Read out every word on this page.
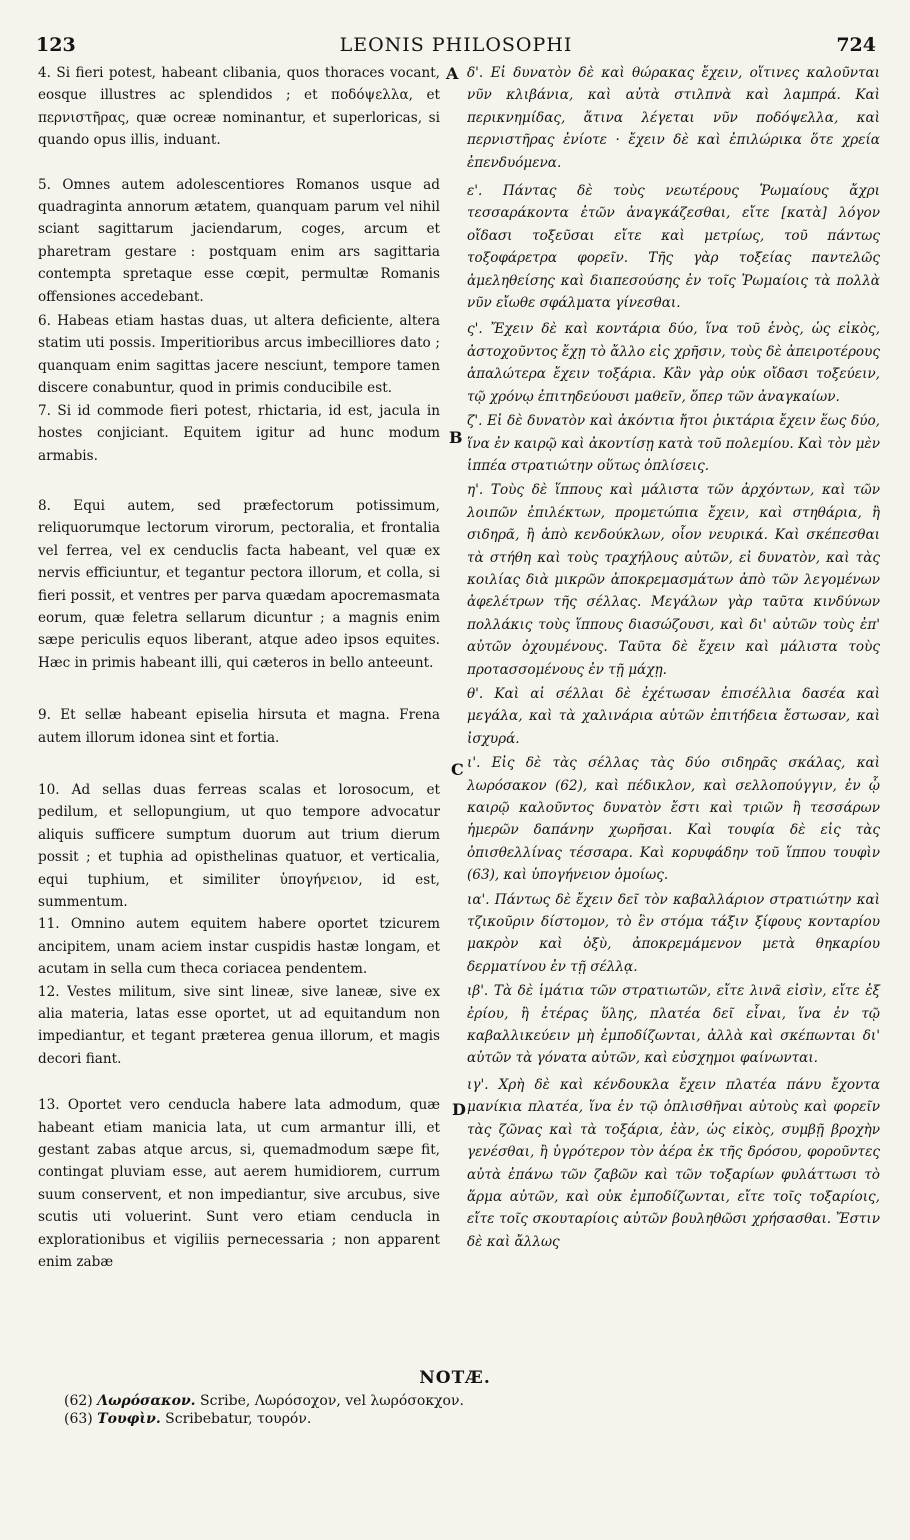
123	LEONIS PHILOSOPHI	724

4. Si fieri potest, habeant clibania, quos thoraces vocant, eosque illustres ac splendidos ; et ποδόψελλα, et περνιστῆρας, quæ ocreæ nominantur, et superloricas, si quando opus illis, induant.

5. Omnes autem adolescentiores Romanos usque ad quadraginta annorum ætatem, quanquam parum vel nihil sciant sagittarum jaciendarum, coges, arcum et pharetram gestare : postquam enim ars sagittaria contempta spretaque esse cœpit, permultæ Romanis offensiones accedebant.

6. Habeas etiam hastas duas, ut altera deficiente, altera statim uti possis. Imperitioribus arcus imbecilliores dato ; quanquam enim sagittas jacere nesciunt, tempore tamen discere conabuntur, quod in primis conducibile est.

7. Si id commode fieri potest, rhictaria, id est, jacula in hostes conjiciant. Equitem igitur ad hunc modum armabis.

8. Equi autem, sed præfectorum potissimum, reliquorumque lectorum virorum, pectoralia, et frontalia vel ferrea, vel ex cenduclis facta habeant, vel quæ ex nervis efficiuntur, et tegantur pectora illorum, et colla, si fieri possit, et ventres per parva quædam apocremasmata eorum, quæ feletra sellarum dicuntur ; a magnis enim sæpe periculis equos liberant, atque adeo ipsos equites. Hæc in primis habeant illi, qui cæteros in bello anteeunt.

9. Et sellæ habeant episelia hirsuta et magna. Frena autem illorum idonea sint et fortia.

10. Ad sellas duas ferreas scalas et lorosocum, et pedilum, et sellopungium, ut quo tempore advocatur aliquis sufficere sumptum duorum aut trium dierum possit ; et tuphia ad opisthelinas quatuor, et verticalia, equi tuphium, et similiter ὑπογήνειον, id est, summentum.

11. Omnino autem equitem habere oportet tzicurem ancipitem, unam aciem instar cuspidis hastæ longam, et acutam in sella cum theca coriacea pendentem.

12. Vestes militum, sive sint lineæ, sive laneæ, sive ex alia materia, latas esse oportet, ut ad equitandum non impediantur, et tegant præterea genua illorum, et magis decori fiant.

13. Oportet vero cenducla habere lata admodum, quæ habeant etiam manicia lata, ut cum armantur illi, et gestant zabas atque arcus, si, quemadmodum sæpe fit, contingat pluviam esse, aut aerem humidiorem, currum suum conservent, et non impediantur, sive arcubus, sive scutis uti voluerint. Sunt vero etiam cenducla in explorationibus et vigiliis pernecessaria ; non apparent enim zabæ

δ'. Εἰ δυνατὸν δὲ καὶ θώρακας ἔχειν, οἵτινες καλοῦνται νῦν κλιβάνια, καὶ αὐτὰ στιλπνὰ καὶ λαμπρά. Καὶ περικνημίδας, ἅτινα λέγεται νῦν ποδόψελλα, καὶ περνιστῆρας ἐνίοτε · ἔχειν δὲ καὶ ἐπιλώρικα ὅτε χρεία ἐπενδυόμενα.

ε'. Πάντας δὲ τοὺς νεωτέρους Ῥωμαίους ἄχρι τεσσαράκοντα ἐτῶν ἀναγκάζεσθαι, εἴτε [κατὰ] λόγον οἴδασι τοξεῦσαι εἴτε καὶ μετρίως, τοῦ πάντως τοξοφάρετρα φορεῖν. Τῆς γὰρ τοξείας παντελῶς ἀμεληθείσης καὶ διαπεσούσης ἐν τοῖς Ῥωμαίοις τὰ πολλὰ νῦν εἴωθε σφάλματα γίνεσθαι.

ς'. Ἔχειν δὲ καὶ κοντάρια δύο, ἵνα τοῦ ἑνὸς, ὡς εἰκὸς, ἀστοχοῦντος ἔχῃ τὸ ἄλλο εἰς χρῆσιν, τοὺς δὲ ἀπειροτέρους ἁπαλώτερα ἔχειν τοξάρια. Κἂν γὰρ οὐκ οἴδασι τοξεύειν, τῷ χρόνῳ ἐπιτηδεύουσι μαθεῖν, ὅπερ τῶν ἀναγκαίων.

ζ'. Εἰ δὲ δυνατὸν καὶ ἀκόντια ἤτοι ῥικτάρια ἔχειν ἕως δύο, ἵνα ἐν καιρῷ καὶ ἀκοντίσῃ κατὰ τοῦ πολεμίου. Καὶ τὸν μὲν ἱππέα στρατιώτην οὕτως ὁπλίσεις.

η'. Τοὺς δὲ ἵππους καὶ μάλιστα τῶν ἀρχόντων, καὶ τῶν λοιπῶν ἐπιλέκτων, προμετώπια ἔχειν, καὶ στηθάρια, ἢ σιδηρᾶ, ἢ ἀπὸ κενδούκλων, οἷον νευρικά. Καὶ σκέπεσθαι τὰ στήθη καὶ τοὺς τραχήλους αὐτῶν, εἰ δυνατὸν, καὶ τὰς κοιλίας διὰ μικρῶν ἀποκρεμασμάτων ἀπὸ τῶν λεγομένων ἀφελέτρων τῆς σέλλας. Μεγάλων γὰρ ταῦτα κινδύνων πολλάκις τοὺς ἵππους διασώζουσι, καὶ δι' αὐτῶν τοὺς ἐπ' αὐτῶν ὀχουμένους. Ταῦτα δὲ ἔχειν καὶ μάλιστα τοὺς προτασσομένους ἐν τῇ μάχῃ.

θ'. Καὶ αἱ σέλλαι δὲ ἐχέτωσαν ἐπισέλλια δασέα καὶ μεγάλα, καὶ τὰ χαλινάρια αὐτῶν ἐπιτήδεια ἔστωσαν, καὶ ἰσχυρά.

ι'. Εἰς δὲ τὰς σέλλας τὰς δύο σιδηρᾶς σκάλας, καὶ λωρόσακον (62), καὶ πέδικλον, καὶ σελλοπούγγιν, ἐν ᾧ καιρῷ καλοῦντος δυνατὸν ἔστι καὶ τριῶν ἢ τεσσάρων ἡμερῶν δαπάνην χωρῆσαι. Καὶ τουφία δὲ εἰς τὰς ὀπισθελλίνας τέσσαρα. Καὶ κορυφάδην τοῦ ἵππου τουφὶν (63), καὶ ὑπογήνειον ὁμοίως.

ια'. Πάντως δὲ ἔχειν δεῖ τὸν καβαλλάριον στρατιώτην καὶ τζικοῦριν δίστομον, τὸ ἓν στόμα τάξιν ξίφους κονταρίου μακρὸν καὶ ὀξὺ, ἀποκρεμάμενον μετὰ θηκαρίου δερματίνου ἐν τῇ σέλλᾳ.

ιβ'. Τὰ δὲ ἱμάτια τῶν στρατιωτῶν, εἴτε λινᾶ εἰσὶν, εἴτε ἐξ ἐρίου, ἢ ἑτέρας ὕλης, πλατέα δεῖ εἶναι, ἵνα ἐν τῷ καβαλλικεύειν μὴ ἐμποδίζωνται, ἀλλὰ καὶ σκέπωνται δι' αὐτῶν τὰ γόνατα αὐτῶν, καὶ εὐσχημοι φαίνωνται.

ιγ'. Χρὴ δὲ καὶ κένδουκλα ἔχειν πλατέα πάνυ ἔχοντα μανίκια πλατέα, ἵνα ἐν τῷ ὁπλισθῆναι αὐτοὺς καὶ φορεῖν τὰς ζῶνας καὶ τὰ τοξάρια, ἐὰν, ὡς εἰκὸς, συμβῇ βροχὴν γενέσθαι, ἢ ὑγρότερον τὸν ἀέρα ἐκ τῆς δρόσου, φοροῦντες αὐτὰ ἐπάνω τῶν ζαβῶν καὶ τῶν τοξαρίων φυλάττωσι τὸ ἅρμα αὐτῶν, καὶ οὐκ ἐμποδίζωνται, εἴτε τοῖς τοξαρίοις, εἴτε τοῖς σκουταρίοις αὐτῶν βουληθῶσι χρήσασθαι. Ἔστιν δὲ καὶ ἄλλως

A
B
C
D
NOTÆ.

(62) Λωρόσακον. Scribe, Λωρόσοχον, vel λωρόσοκχον.

(63) Τουφὶν. Scribebatur, τουρόν.
